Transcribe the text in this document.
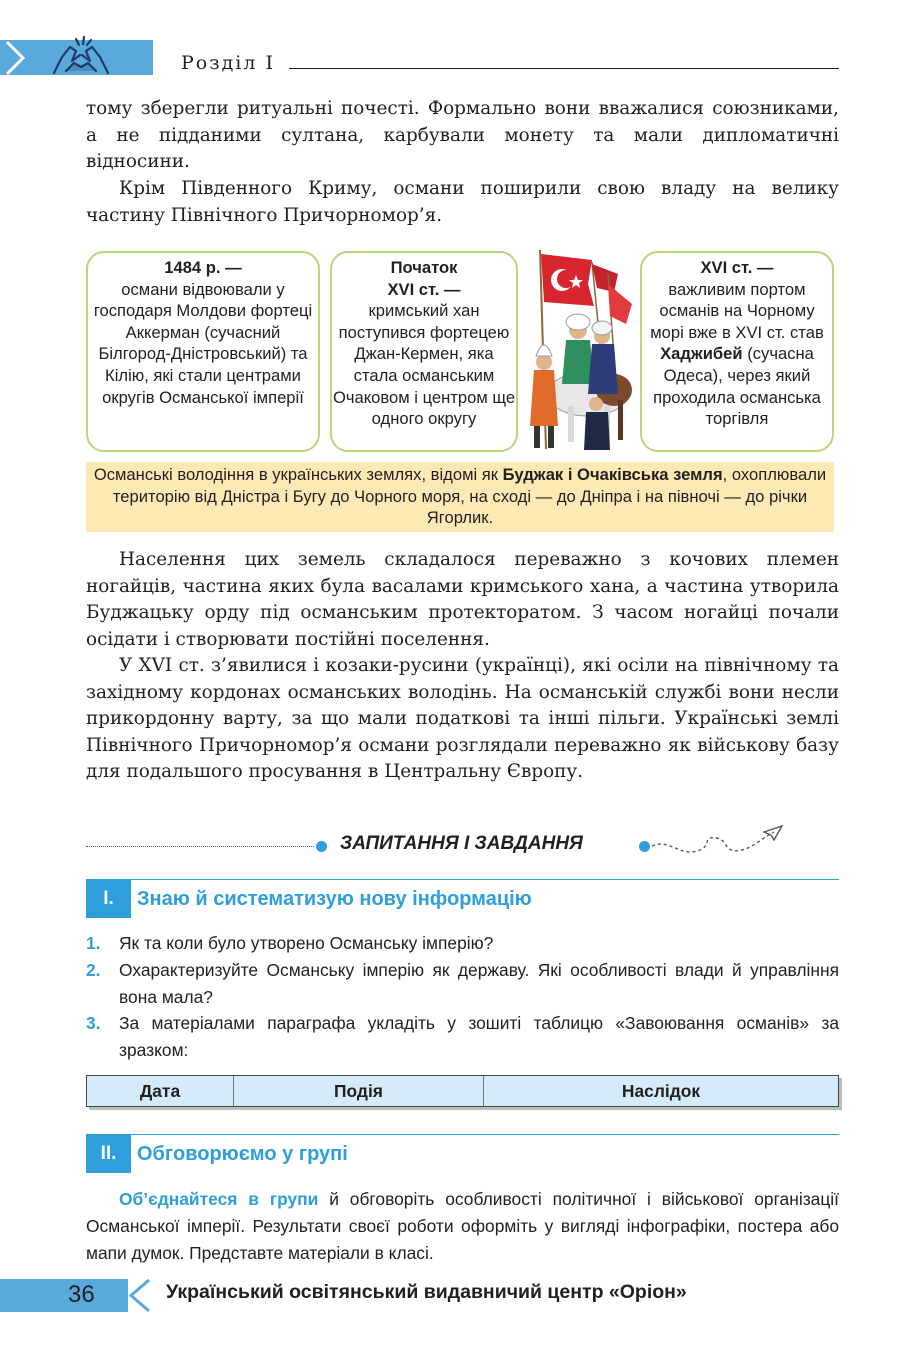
Розділ I
тому зберегли ритуальні почесті. Формально вони вважалися союзниками, а не підданими султана, карбували монету та мали дипломатичні відносини.
Крім Південного Криму, османи поширили свою владу на велику частину Північного Причорномор’я.
1484 р. —
османи відвоювали у господаря Молдови фортеці Аккерман (сучасний Білгород-Дністровський) та Кілію, які стали центрами округів Османської імперії
Початок
XVI ст. —
кримський хан поступився фортецею Джан-Кермен, яка стала османським Очаковом і центром ще одного округу
XVI ст. —
важливим портом османів на Чорному морі вже в XVI ст. став Хаджибей (сучасна Одеса), через який проходила османська торгівля
Османські володіння в українських землях, відомі як Буджак і Очаківська земля, охоплювали територію від Дністра і Бугу до Чорного моря, на сході — до Дніпра і на півночі — до річки Ягорлик.
Населення цих земель складалося переважно з кочових племен ногайців, частина яких була васалами кримського хана, а частина утворила Буджацьку орду під османським протекторатом. З часом ногайці почали осідати і створювати постійні поселення.
У XVI ст. з’явилися і козаки-русини (українці), які осіли на північному та західному кордонах османських володінь. На османській службі вони несли прикордонну варту, за що мали податкові та інші пільги. Українські землі Північного Причорномор’я османи розглядали переважно як військову базу для подальшого просування в Центральну Європу.
ЗАПИТАННЯ І ЗАВДАННЯ
I.	Знаю й систематизую нову інформацію
1.	Як та коли було утворено Османську імперію?
2.	Охарактеризуйте Османську імперію як державу. Які особливості влади й управління вона мала?
3.	За матеріалами параграфа укладіть у зошиті таблицю «Завоювання османів» за зразком:
Дата	Подія	Наслідок
II.	Обговорюємо у групі
Об’єднайтеся в групи й обговоріть особливості політичної і військової організації Османської імперії. Результати своєї роботи оформіть у вигляді інфографіки, постера або мапи думок. Представте матеріали в класі.
36	Український освітянський видавничий центр «Оріон»
